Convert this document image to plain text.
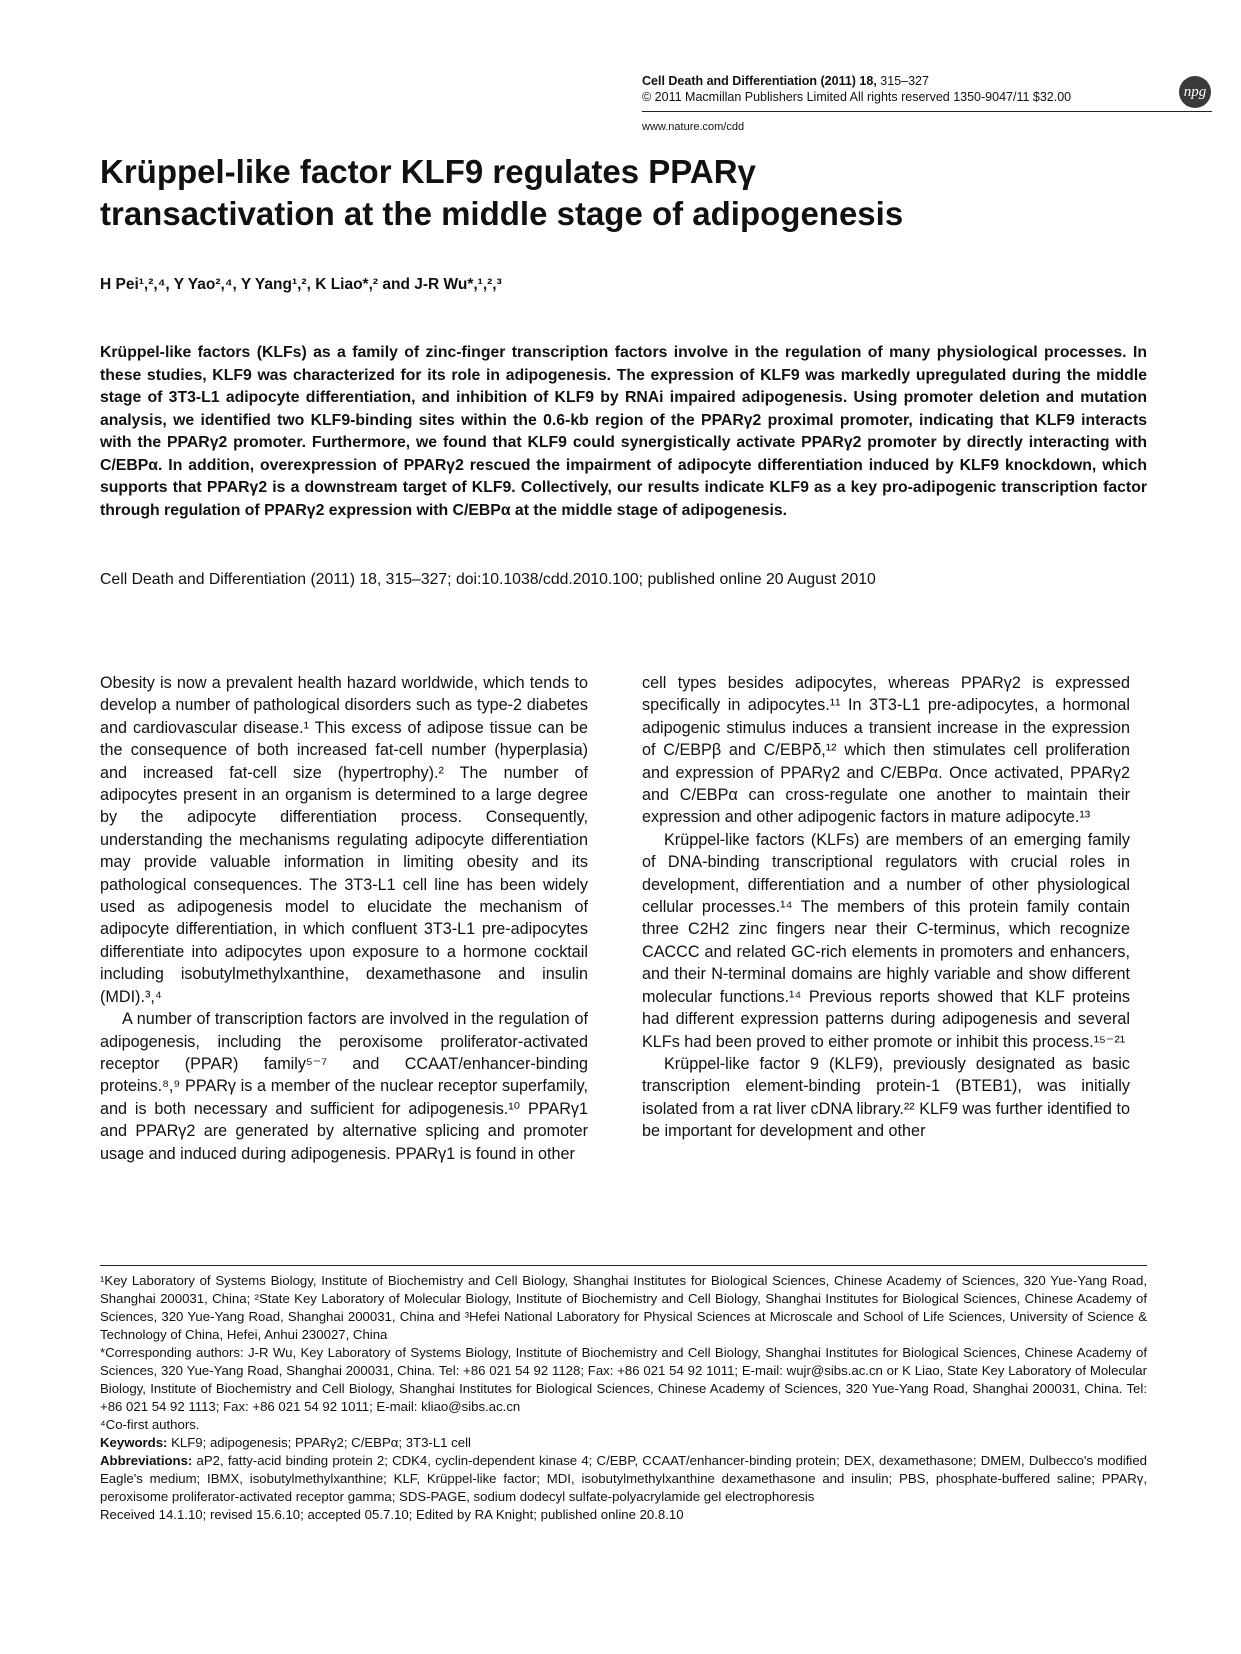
Cell Death and Differentiation (2011) 18, 315–327
© 2011 Macmillan Publishers Limited All rights reserved 1350-9047/11 $32.00
www.nature.com/cdd
npg
Krüppel-like factor KLF9 regulates PPARγ
transactivation at the middle stage of adipogenesis
H Pei¹,²,⁴, Y Yao²,⁴, Y Yang¹,², K Liao*,² and J-R Wu*,¹,²,³
Krüppel-like factors (KLFs) as a family of zinc-finger transcription factors involve in the regulation of many physiological processes. In these studies, KLF9 was characterized for its role in adipogenesis. The expression of KLF9 was markedly upregulated during the middle stage of 3T3-L1 adipocyte differentiation, and inhibition of KLF9 by RNAi impaired adipogenesis. Using promoter deletion and mutation analysis, we identified two KLF9-binding sites within the 0.6-kb region of the PPARγ2 proximal promoter, indicating that KLF9 interacts with the PPARγ2 promoter. Furthermore, we found that KLF9 could synergistically activate PPARγ2 promoter by directly interacting with C/EBPα. In addition, overexpression of PPARγ2 rescued the impairment of adipocyte differentiation induced by KLF9 knockdown, which supports that PPARγ2 is a downstream target of KLF9. Collectively, our results indicate KLF9 as a key pro-adipogenic transcription factor through regulation of PPARγ2 expression with C/EBPα at the middle stage of adipogenesis.
Cell Death and Differentiation (2011) 18, 315–327; doi:10.1038/cdd.2010.100; published online 20 August 2010

Obesity is now a prevalent health hazard worldwide, which tends to develop a number of pathological disorders such as type-2 diabetes and cardiovascular disease.¹ This excess of adipose tissue can be the consequence of both increased fat-cell number (hyperplasia) and increased fat-cell size (hypertrophy).² The number of adipocytes present in an organism is determined to a large degree by the adipocyte differentiation process. Consequently, understanding the mechanisms regulating adipocyte differentiation may provide valuable information in limiting obesity and its pathological consequences. The 3T3-L1 cell line has been widely used as adipogenesis model to elucidate the mechanism of adipocyte differentiation, in which confluent 3T3-L1 pre-adipocytes differentiate into adipocytes upon exposure to a hormone cocktail including isobutylmethylxanthine, dexamethasone and insulin (MDI).³,⁴

A number of transcription factors are involved in the regulation of adipogenesis, including the peroxisome proliferator-activated receptor (PPAR) family⁵⁻⁷ and CCAAT/enhancer-binding proteins.⁸,⁹ PPARγ is a member of the nuclear receptor superfamily, and is both necessary and sufficient for adipogenesis.¹⁰ PPARγ1 and PPARγ2 are generated by alternative splicing and promoter usage and induced during adipogenesis. PPARγ1 is found in other

cell types besides adipocytes, whereas PPARγ2 is expressed specifically in adipocytes.¹¹ In 3T3-L1 pre-adipocytes, a hormonal adipogenic stimulus induces a transient increase in the expression of C/EBPβ and C/EBPδ,¹² which then stimulates cell proliferation and expression of PPARγ2 and C/EBPα. Once activated, PPARγ2 and C/EBPα can cross-regulate one another to maintain their expression and other adipogenic factors in mature adipocyte.¹³

Krüppel-like factors (KLFs) are members of an emerging family of DNA-binding transcriptional regulators with crucial roles in development, differentiation and a number of other physiological cellular processes.¹⁴ The members of this protein family contain three C2H2 zinc fingers near their C-terminus, which recognize CACCC and related GC-rich elements in promoters and enhancers, and their N-terminal domains are highly variable and show different molecular functions.¹⁴ Previous reports showed that KLF proteins had different expression patterns during adipogenesis and several KLFs had been proved to either promote or inhibit this process.¹⁵⁻²¹

Krüppel-like factor 9 (KLF9), previously designated as basic transcription element-binding protein-1 (BTEB1), was initially isolated from a rat liver cDNA library.²² KLF9 was further identified to be important for development and other

¹Key Laboratory of Systems Biology, Institute of Biochemistry and Cell Biology, Shanghai Institutes for Biological Sciences, Chinese Academy of Sciences, 320 Yue-Yang Road, Shanghai 200031, China; ²State Key Laboratory of Molecular Biology, Institute of Biochemistry and Cell Biology, Shanghai Institutes for Biological Sciences, Chinese Academy of Sciences, 320 Yue-Yang Road, Shanghai 200031, China and ³Hefei National Laboratory for Physical Sciences at Microscale and School of Life Sciences, University of Science & Technology of China, Hefei, Anhui 230027, China

*Corresponding authors: J-R Wu, Key Laboratory of Systems Biology, Institute of Biochemistry and Cell Biology, Shanghai Institutes for Biological Sciences, Chinese Academy of Sciences, 320 Yue-Yang Road, Shanghai 200031, China. Tel: +86 021 54 92 1128; Fax: +86 021 54 92 1011; E-mail: wujr@sibs.ac.cn or K Liao, State Key Laboratory of Molecular Biology, Institute of Biochemistry and Cell Biology, Shanghai Institutes for Biological Sciences, Chinese Academy of Sciences, 320 Yue-Yang Road, Shanghai 200031, China. Tel: +86 021 54 92 1113; Fax: +86 021 54 92 1011; E-mail: kliao@sibs.ac.cn

⁴Co-first authors.

Keywords: KLF9; adipogenesis; PPARγ2; C/EBPα; 3T3-L1 cell

Abbreviations: aP2, fatty-acid binding protein 2; CDK4, cyclin-dependent kinase 4; C/EBP, CCAAT/enhancer-binding protein; DEX, dexamethasone; DMEM, Dulbecco's modified Eagle's medium; IBMX, isobutylmethylxanthine; KLF, Krüppel-like factor; MDI, isobutylmethylxanthine dexamethasone and insulin; PBS, phosphate-buffered saline; PPARγ, peroxisome proliferator-activated receptor gamma; SDS-PAGE, sodium dodecyl sulfate-polyacrylamide gel electrophoresis

Received 14.1.10; revised 15.6.10; accepted 05.7.10; Edited by RA Knight; published online 20.8.10
